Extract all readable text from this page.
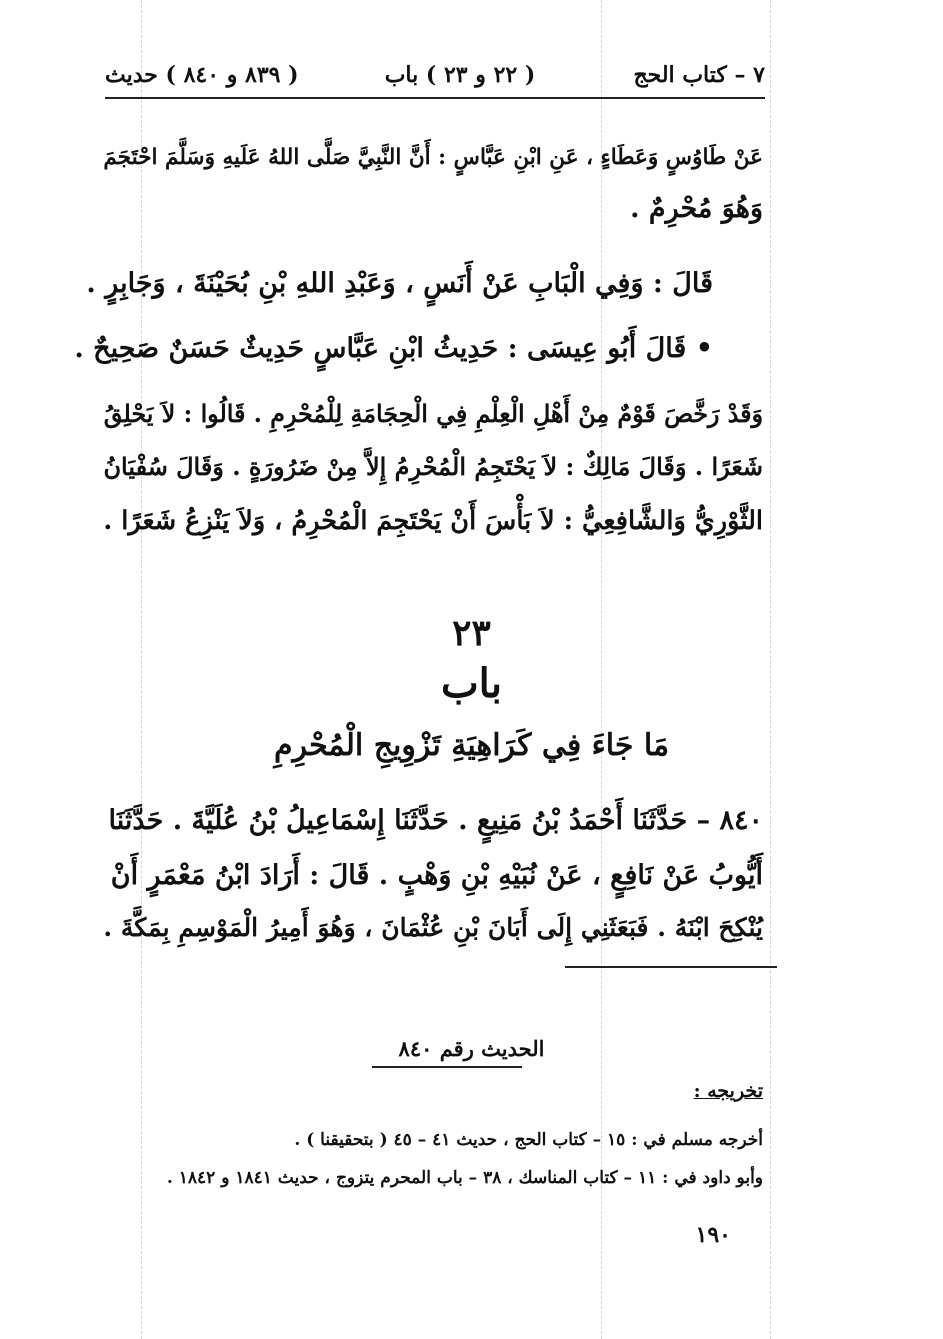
٧ – كتاب الحج
( ٢٢ و ٢٣ ) باب
( ٨٣٩ و ٨٤٠ ) حديث
عَنْ طَاوُسٍ وَعَطَاءٍ ، عَنِ ابْنِ عَبَّاسٍ : أَنَّ النَّبِيَّ صَلَّى اللهُ عَلَيهِ وَسَلَّمَ احْتَجَمَ
وَهُوَ مُحْرِمٌ .
قَالَ : وَفِي الْبَابِ عَنْ أَنَسٍ ، وَعَبْدِ اللهِ بْنِ بُحَيْنَةَ ، وَجَابِرٍ .
• قَالَ أَبُو عِيسَى : حَدِيثُ ابْنِ عَبَّاسٍ حَدِيثٌ حَسَنٌ صَحِيحٌ .
وَقَدْ رَخَّصَ قَوْمٌ مِنْ أَهْلِ الْعِلْمِ فِي الْحِجَامَةِ لِلْمُحْرِمِ . قَالُوا : لاَ يَحْلِقُ
شَعَرًا . وَقَالَ مَالِكٌ : لاَ يَحْتَجِمُ الْمُحْرِمُ إِلاَّ مِنْ ضَرُورَةٍ . وَقَالَ سُفْيَانُ
الثَّوْرِيُّ وَالشَّافِعِيُّ : لاَ بَأْسَ أَنْ يَحْتَجِمَ الْمُحْرِمُ ، وَلاَ يَنْزِعُ شَعَرًا .
٢٣
باب
مَا جَاءَ فِي كَرَاهِيَةِ تَزْوِيجِ الْمُحْرِمِ
٨٤٠ – حَدَّثَنَا أَحْمَدُ بْنُ مَنِيعٍ . حَدَّثَنَا إِسْمَاعِيلُ بْنُ عُلَيَّةَ . حَدَّثَنَا
أَيُّوبُ عَنْ نَافِعٍ ، عَنْ نُبَيْهِ بْنِ وَهْبٍ . قَالَ : أَرَادَ ابْنُ مَعْمَرٍ أَنْ
يُنْكِحَ ابْنَهُ . فَبَعَثَنِي إِلَى أَبَانَ بْنِ عُثْمَانَ ، وَهُوَ أَمِيرُ الْمَوْسِمِ بِمَكَّةَ .
الحديث رقم ٨٤٠
تخريجه :
أخرجه مسلم في : ١٥ – كتاب الحج ، حديث ٤١ – ٤٥ ( بتحقيقنا ) .
وأبو داود في : ١١ – كتاب المناسك ، ٣٨ – باب المحرم يتزوج ، حديث ١٨٤١ و ١٨٤٢ .
١٩٠
